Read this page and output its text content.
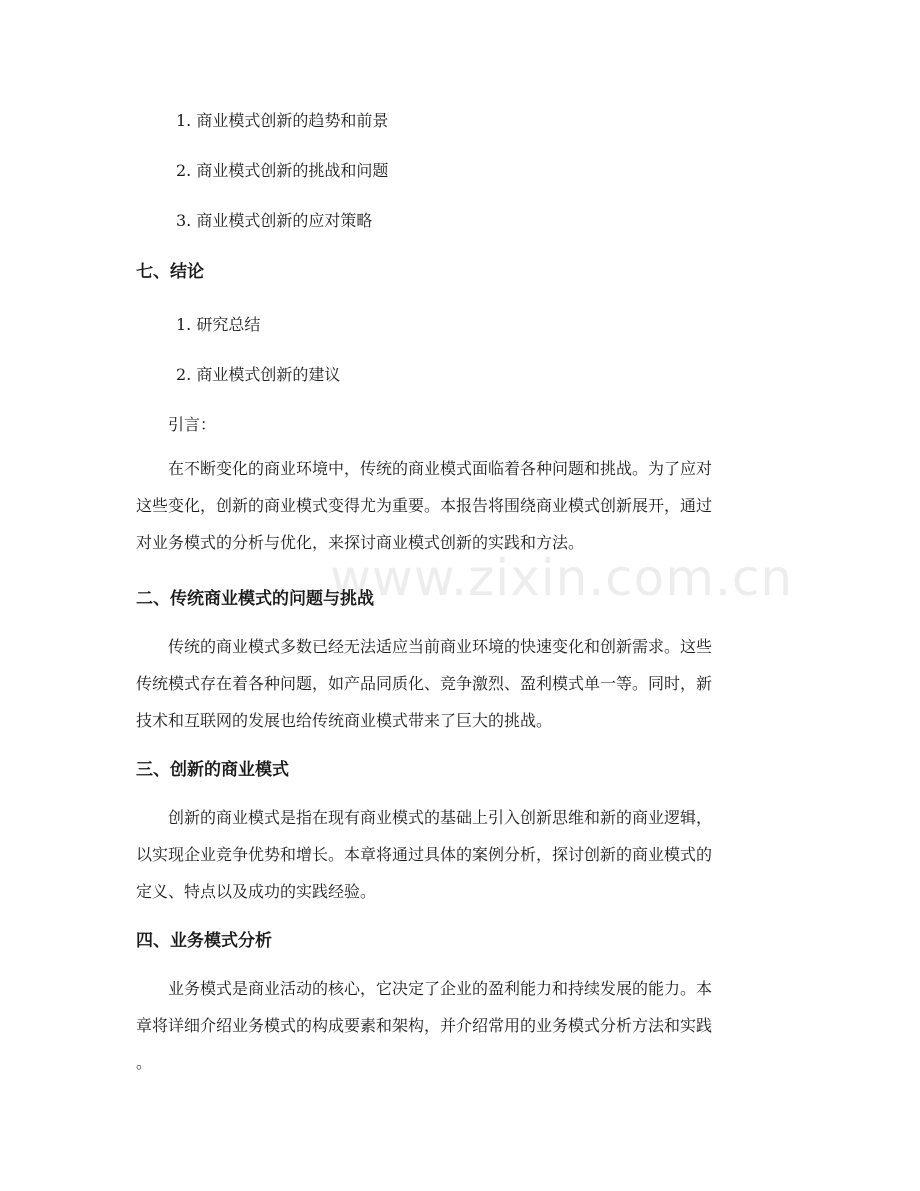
www.zixin.com.cn
1. 商业模式创新的趋势和前景
2. 商业模式创新的挑战和问题
3. 商业模式创新的应对策略
七、结论
1. 研究总结
2. 商业模式创新的建议
引言：
在不断变化的商业环境中，传统的商业模式面临着各种问题和挑战。为了应对
这些变化，创新的商业模式变得尤为重要。本报告将围绕商业模式创新展开，通过
对业务模式的分析与优化，来探讨商业模式创新的实践和方法。
二、传统商业模式的问题与挑战
传统的商业模式多数已经无法适应当前商业环境的快速变化和创新需求。这些
传统模式存在着各种问题，如产品同质化、竞争激烈、盈利模式单一等。同时，新
技术和互联网的发展也给传统商业模式带来了巨大的挑战。
三、创新的商业模式
创新的商业模式是指在现有商业模式的基础上引入创新思维和新的商业逻辑，
以实现企业竞争优势和增长。本章将通过具体的案例分析，探讨创新的商业模式的
定义、特点以及成功的实践经验。
四、业务模式分析
业务模式是商业活动的核心，它决定了企业的盈利能力和持续发展的能力。本
章将详细介绍业务模式的构成要素和架构，并介绍常用的业务模式分析方法和实践
。
